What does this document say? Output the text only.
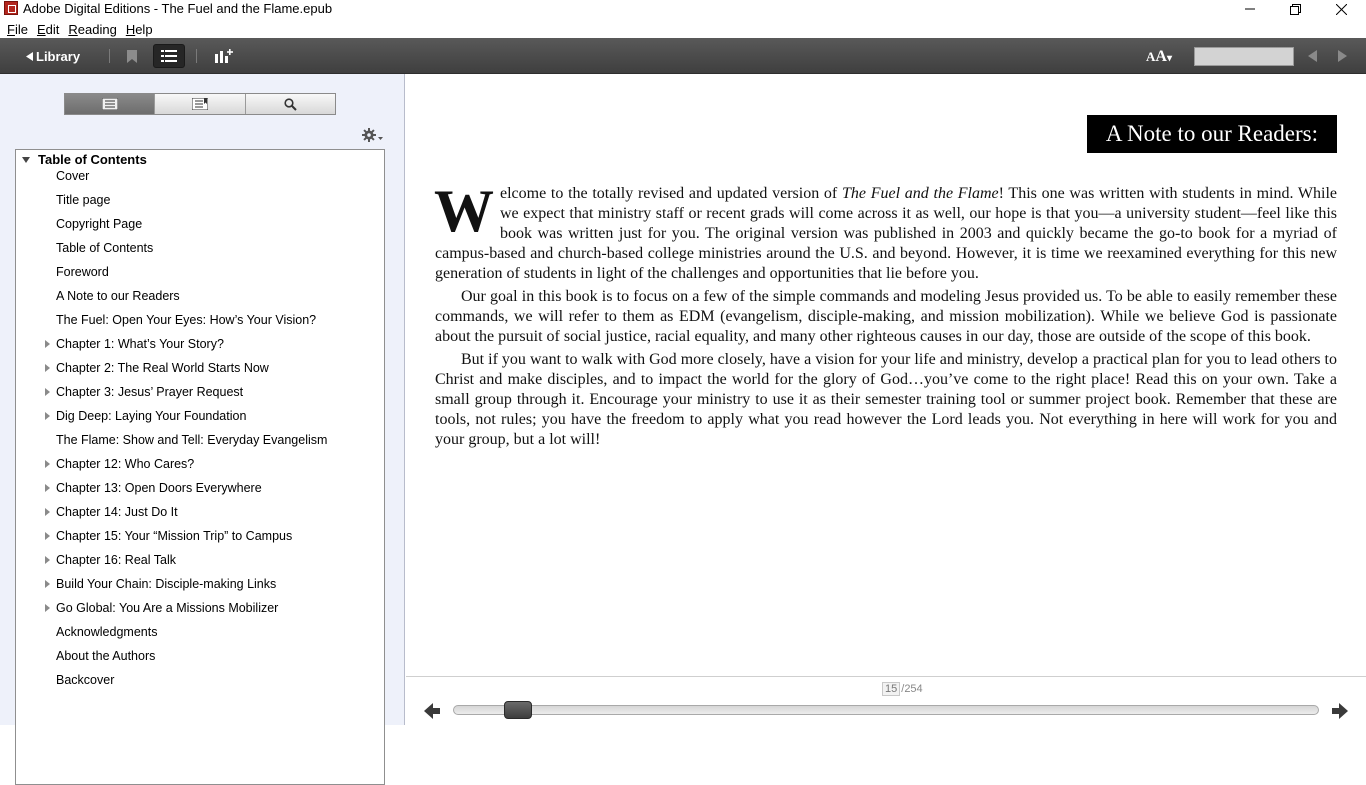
Adobe Digital Editions - The Fuel and the Flame.epub
File Edit Reading Help
Library	AA▾
Table of Contents
Cover
Title page
Copyright Page
Table of Contents
Foreword
A Note to our Readers
The Fuel: Open Your Eyes: How’s Your Vision?
Chapter 1: What’s Your Story?
Chapter 2: The Real World Starts Now
Chapter 3: Jesus’ Prayer Request
Dig Deep: Laying Your Foundation
The Flame: Show and Tell: Everyday Evangelism
Chapter 12: Who Cares?
Chapter 13: Open Doors Everywhere
Chapter 14: Just Do It
Chapter 15: Your “Mission Trip” to Campus
Chapter 16: Real Talk
Build Your Chain: Disciple-making Links
Go Global: You Are a Missions Mobilizer
Acknowledgments
About the Authors
Backcover
A Note to our Readers:

Welcome to the totally revised and updated version of The Fuel and the Flame! This one was written with students in mind. While we expect that ministry staff or recent grads will come across it as well, our hope is that you—a university student—feel like this book was written just for you. The original version was published in 2003 and quickly became the go-to book for a myriad of campus-based and church-based college ministries around the U.S. and beyond. However, it is time we reexamined everything for this new generation of students in light of the challenges and opportunities that lie before you.

Our goal in this book is to focus on a few of the simple commands and modeling Jesus provided us. To be able to easily remember these commands, we will refer to them as EDM (evangelism, disciple-making, and mission mobilization). While we believe God is passionate about the pursuit of social justice, racial equality, and many other righteous causes in our day, those are outside of the scope of this book.

But if you want to walk with God more closely, have a vision for your life and ministry, develop a practical plan for you to lead others to Christ and make disciples, and to impact the world for the glory of God…you’ve come to the right place! Read this on your own. Take a small group through it. Encourage your ministry to use it as their semester training tool or summer project book. Remember that these are tools, not rules; you have the freedom to apply what you read however the Lord leads you. Not everything in here will work for you and your group, but a lot will!

15 / 254
